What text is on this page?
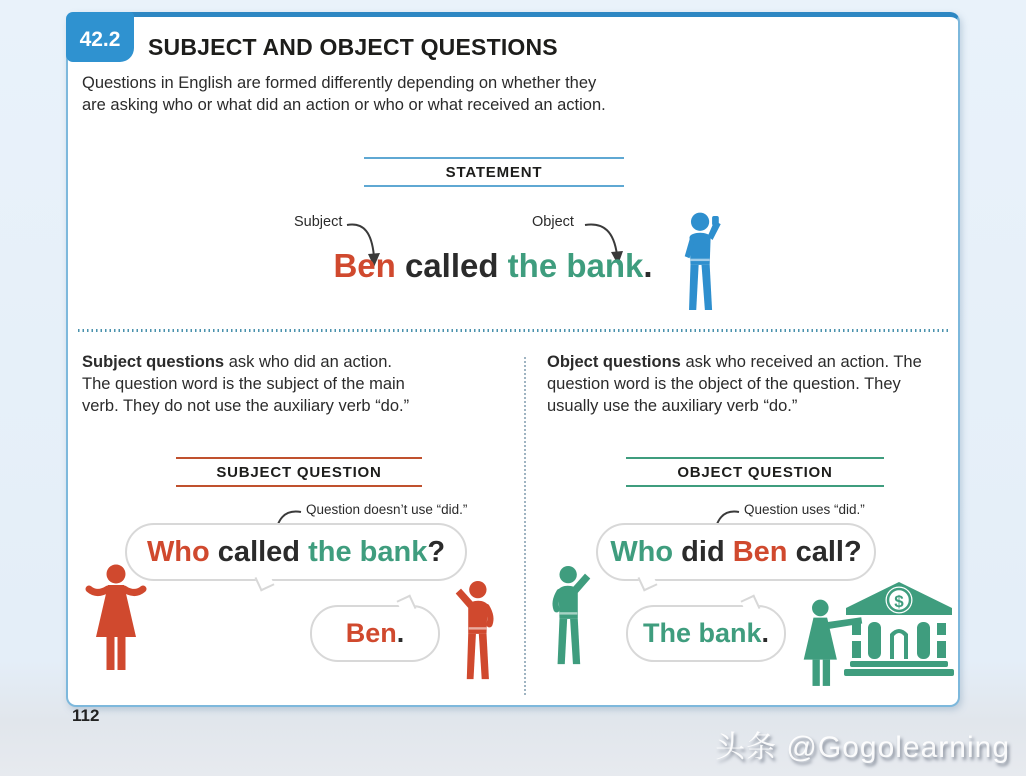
42.2	SUBJECT AND OBJECT QUESTIONS
Questions in English are formed differently depending on whether they
are asking who or what did an action or who or what received an action.
STATEMENT
Subject	Object
Ben called the bank.
Subject questions ask who did an action.
The question word is the subject of the main
verb. They do not use the auxiliary verb “do.”
Object questions ask who received an action. The
question word is the object of the question. They
usually use the auxiliary verb “do.”
SUBJECT QUESTION	OBJECT QUESTION
Question doesn’t use “did.”	Question uses “did.”
Who called the bank ?
Ben .
Who did Ben call ?
The bank .
$
112
头条 @Gogolearning
